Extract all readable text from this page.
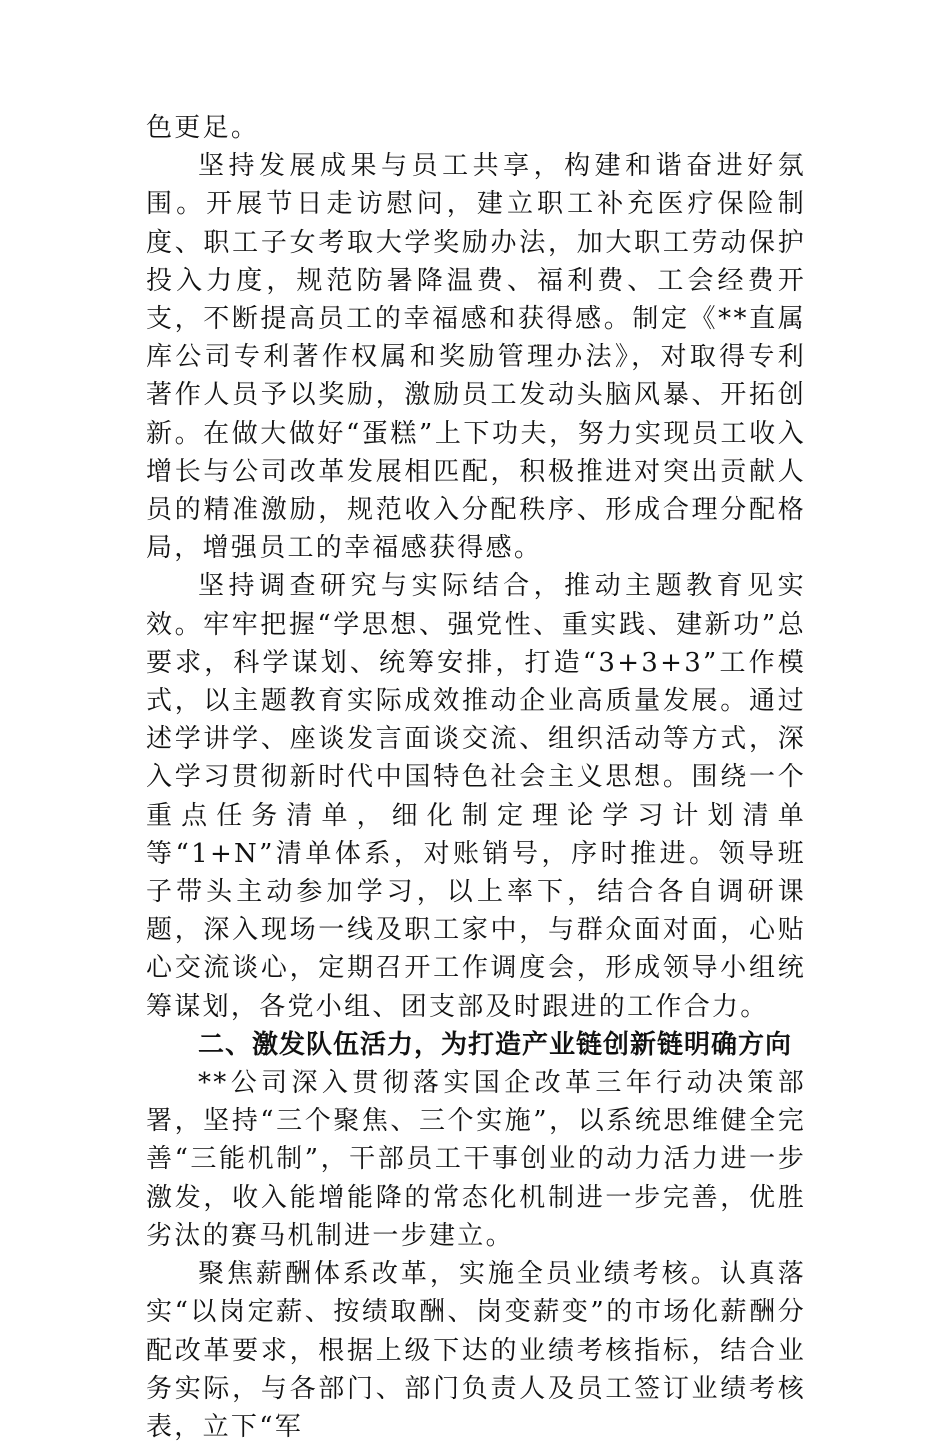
色更足。

坚持发展成果与员工共享，构建和谐奋进好氛围。开展节日走访慰问，建立职工补充医疗保险制度、职工子女考取大学奖励办法，加大职工劳动保护投入力度，规范防暑降温费、福利费、工会经费开支，不断提高员工的幸福感和获得感。制定《**直属库公司专利著作权属和奖励管理办法》，对取得专利著作人员予以奖励，激励员工发动头脑风暴、开拓创新。在做大做好“蛋糕”上下功夫，努力实现员工收入增长与公司改革发展相匹配，积极推进对突出贡献人员的精准激励，规范收入分配秩序、形成合理分配格局，增强员工的幸福感获得感。

坚持调查研究与实际结合，推动主题教育见实效。牢牢把握“学思想、强党性、重实践、建新功”总要求，科学谋划、统筹安排，打造“3+3+3”工作模式，以主题教育实际成效推动企业高质量发展。通过述学讲学、座谈发言面谈交流、组织活动等方式，深入学习贯彻新时代中国特色社会主义思想。围绕一个重点任务清单，细化制定理论学习计划清单等“1+N”清单体系，对账销号，序时推进。领导班子带头主动参加学习，以上率下，结合各自调研课题，深入现场一线及职工家中，与群众面对面，心贴心交流谈心，定期召开工作调度会，形成领导小组统筹谋划，各党小组、团支部及时跟进的工作合力。

二、激发队伍活力，为打造产业链创新链明确方向

**公司深入贯彻落实国企改革三年行动决策部署，坚持“三个聚焦、三个实施”，以系统思维健全完善“三能机制”，干部员工干事创业的动力活力进一步激发，收入能增能降的常态化机制进一步完善，优胜劣汰的赛马机制进一步建立。

聚焦薪酬体系改革，实施全员业绩考核。认真落实“以岗定薪、按绩取酬、岗变薪变”的市场化薪酬分配改革要求，根据上级下达的业绩考核指标，结合业务实际，与各部门、部门负责人及员工签订业绩考核表，立下“军
